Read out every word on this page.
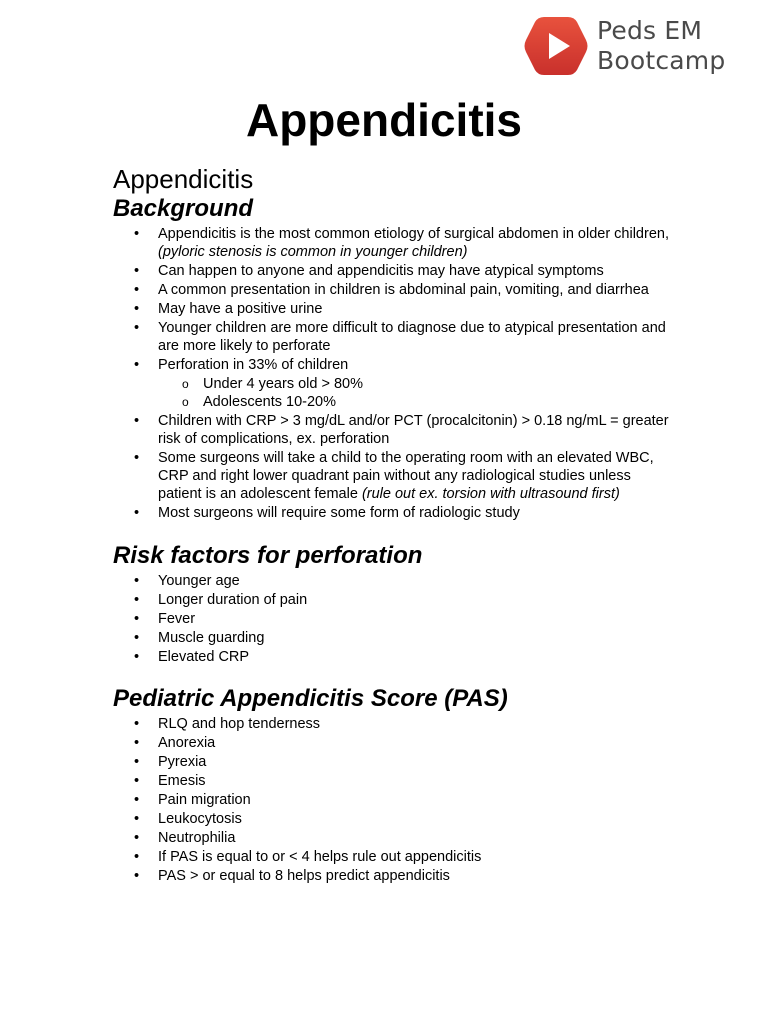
Peds EM
Bootcamp
Appendicitis
Appendicitis
Background
• Appendicitis is the most common etiology of surgical abdomen in older children, (pyloric stenosis is common in younger children)
• Can happen to anyone and appendicitis may have atypical symptoms
• A common presentation in children is abdominal pain, vomiting, and diarrhea
• May have a positive urine
• Younger children are more difficult to diagnose due to atypical presentation and are more likely to perforate
• Perforation in 33% of children
o Under 4 years old > 80%
o Adolescents 10-20%
• Children with CRP > 3 mg/dL and/or PCT (procalcitonin) > 0.18 ng/mL = greater risk of complications, ex. perforation
• Some surgeons will take a child to the operating room with an elevated WBC, CRP and right lower quadrant pain without any radiological studies unless patient is an adolescent female (rule out ex. torsion with ultrasound first)
• Most surgeons will require some form of radiologic study
Risk factors for perforation
• Younger age
• Longer duration of pain
• Fever
• Muscle guarding
• Elevated CRP
Pediatric Appendicitis Score (PAS)
• RLQ and hop tenderness
• Anorexia
• Pyrexia
• Emesis
• Pain migration
• Leukocytosis
• Neutrophilia
• If PAS is equal to or < 4 helps rule out appendicitis
• PAS > or equal to 8 helps predict appendicitis
